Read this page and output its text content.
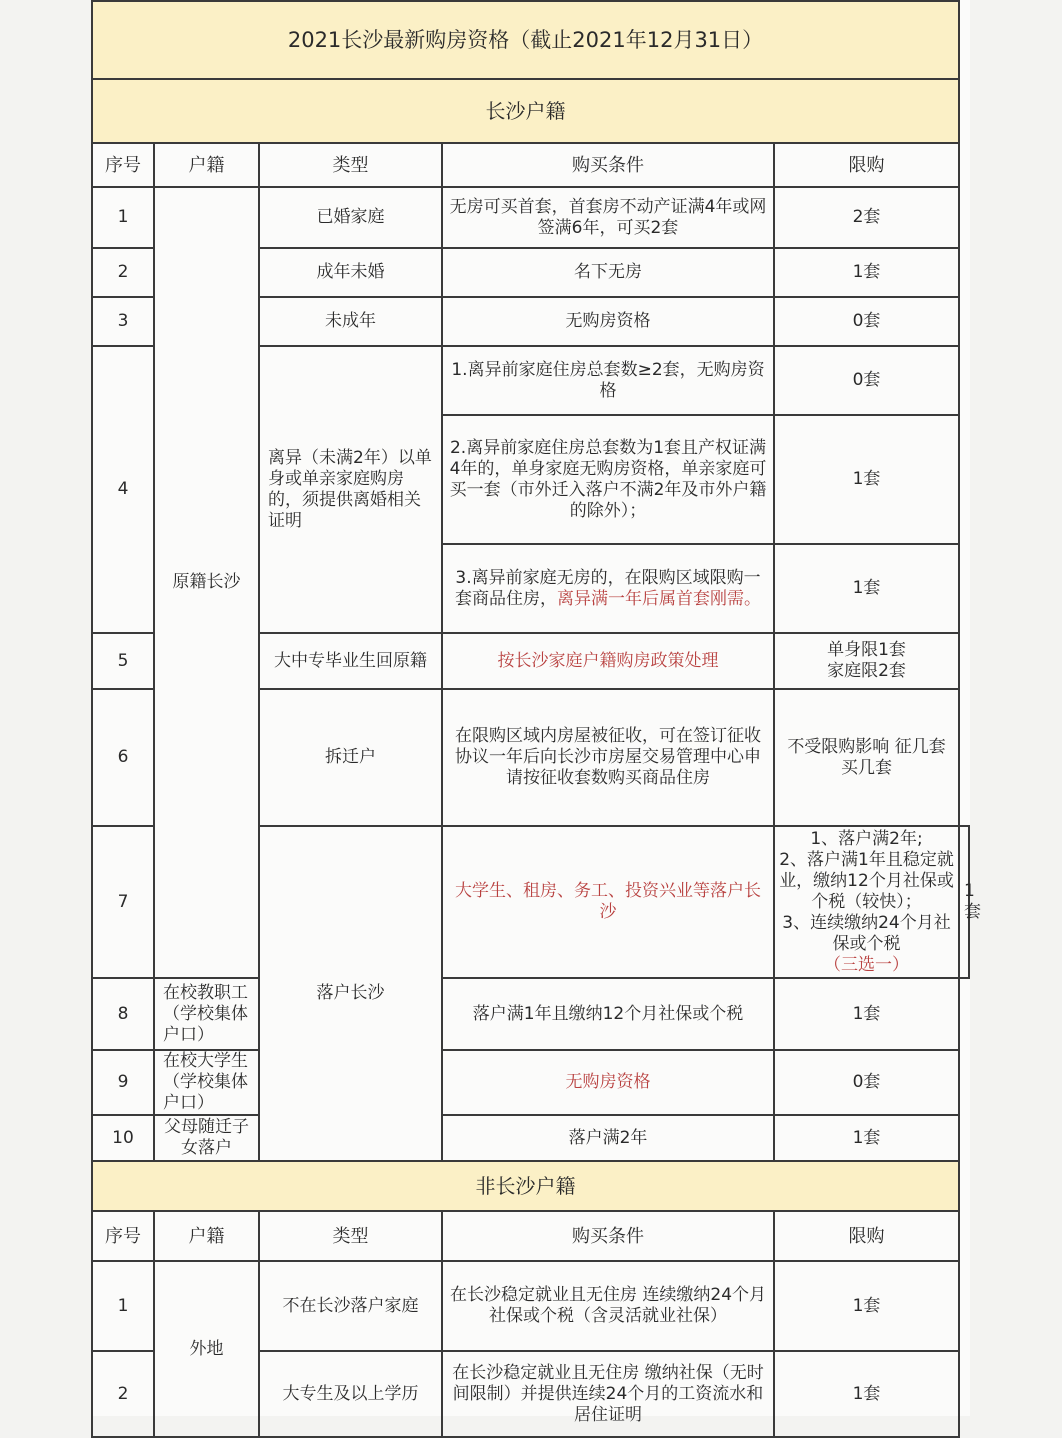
2021长沙最新购房资格（截止2021年12月31日）					
长沙户籍					
序号	户籍	类型	购买条件	限购	
1	原籍长沙	已婚家庭	无房可买首套，首套房不动产证满4年或网签满6年，可买2套	2套	
2		成年未婚	名下无房	1套	
3		未成年	无购房资格	0套	
4		离异（未满2年）以单身或单亲家庭购房的，须提供离婚相关证明	1.离异前家庭住房总套数≥2套，无购房资格	0套	
			2.离异前家庭住房总套数为1套且产权证满4年的，单身家庭无购房资格，单亲家庭可买一套（市外迁入落户不满2年及市外户籍的除外）；	1套	
			3.离异前家庭无房的，在限购区域限购一套商品住房，离异满一年后属首套刚需。	1套	
5		大中专毕业生回原籍	按长沙家庭户籍购房政策处理	单身限1套
家庭限2套	

6		拆迁户	在限购区域内房屋被征收，可在签订征收协议一年后向长沙市房屋交易管理中心申请按征收套数购买商品住房	不受限购影响 征几套买几套	
7		落户长沙	大学生、租房、务工、投资兴业等落户长沙	1、落户满2年;
2、落户满1年且稳定就业，缴纳12个月社保或个税（较快）；
3、连续缴纳24个月社保或个税
（三选一）	1套
8	在校教职工（学校集体户口）		落户满1年且缴纳12个月社保或个税	1套	
9	在校大学生（学校集体户口）		无购房资格	0套	
10	父母随迁子女落户		落户满2年	1套	
非长沙户籍					
序号	户籍	类型	购买条件	限购	
1	外地	不在长沙落户家庭	在长沙稳定就业且无住房 连续缴纳24个月社保或个税（含灵活就业社保）	1套	
2		大专生及以上学历	在长沙稳定就业且无住房 缴纳社保（无时间限制）并提供连续24个月的工资流水和居住证明	1套	
